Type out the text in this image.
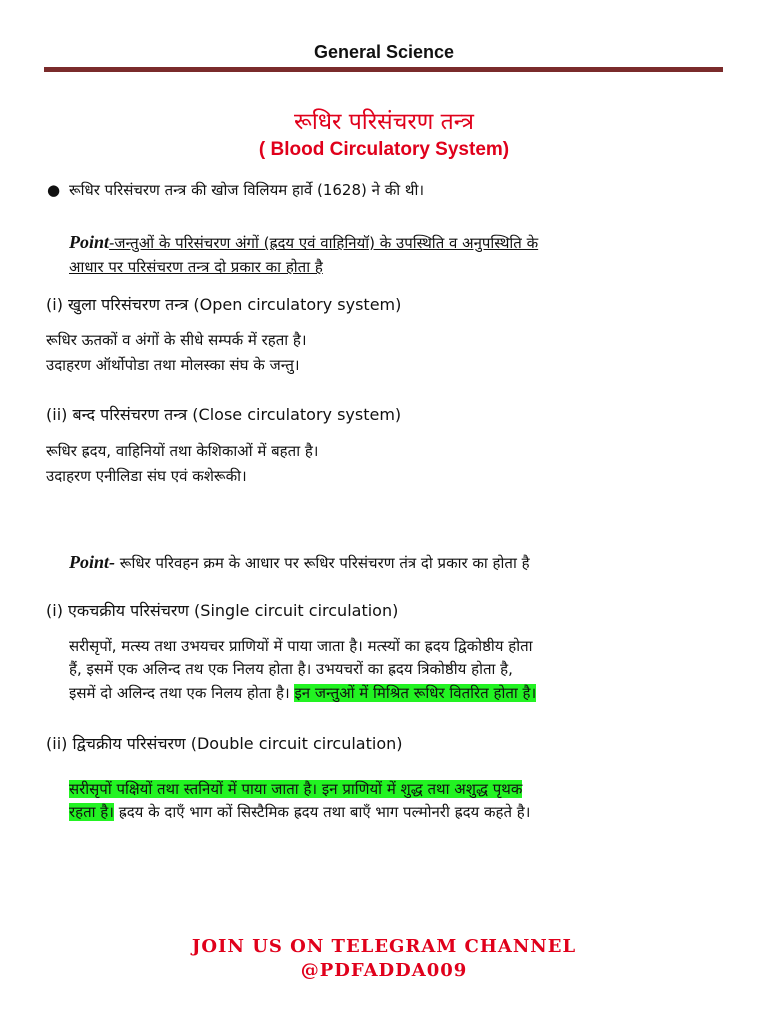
General Science
रूधिर परिसंचरण तन्त्र
( Blood Circulatory System)
● रूधिर परिसंचरण तन्त्र की खोज विलियम हार्वे (1628) ने की थी।
Point-जन्तुओं के परिसंचरण अंगों (ह्रदय एवं वाहिनियॉ) के उपस्थिति व अनुपस्थिति के
आधार पर परिसंचरण तन्त्र दो प्रकार का होता है
(i) खुला परिसंचरण तन्त्र (Open circulatory system)
रूधिर ऊतकों व अंगों के सीधे सम्पर्क में रहता है।
उदाहरण ऑर्थोपोडा तथा मोलस्का संघ के जन्तु।
(ii) बन्द परिसंचरण तन्त्र (Close circulatory system)
रूधिर ह्रदय, वाहिनियों तथा केशिकाओं में बहता है।
उदाहरण एनीलिडा संघ एवं कशेरूकी।
Point- रूधिर परिवहन क्रम के आधार पर रूधिर परिसंचरण तंत्र दो प्रकार का होता है
(i) एकचक्रीय परिसंचरण (Single circuit circulation)
सरीसृपों, मत्स्य तथा उभयचर प्राणियों में पाया जाता है। मत्स्यों का ह्रदय द्विकोष्ठीय होता
हैं, इसमें एक अलिन्द तथ एक निलय होता है। उभयचरों का ह्रदय त्रिकोष्ठीय होता है,
इसमें दो अलिन्द तथा एक निलय होता है। इन जन्तुओं में मिश्रित रूधिर वितरित होता है।
(ii) द्विचक्रीय परिसंचरण (Double circuit circulation)
सरीसृपों पक्षियों तथा स्तनियों में पाया जाता है। इन प्राणियों में शुद्ध तथा अशुद्ध पृथक
रहता है। ह्रदय के दाएँ भाग कों सिस्टैमिक ह्रदय तथा बाएँ भाग पल्मोनरी ह्रदय कहते है।
JOIN US ON TELEGRAM CHANNEL
@PDFADDA009
